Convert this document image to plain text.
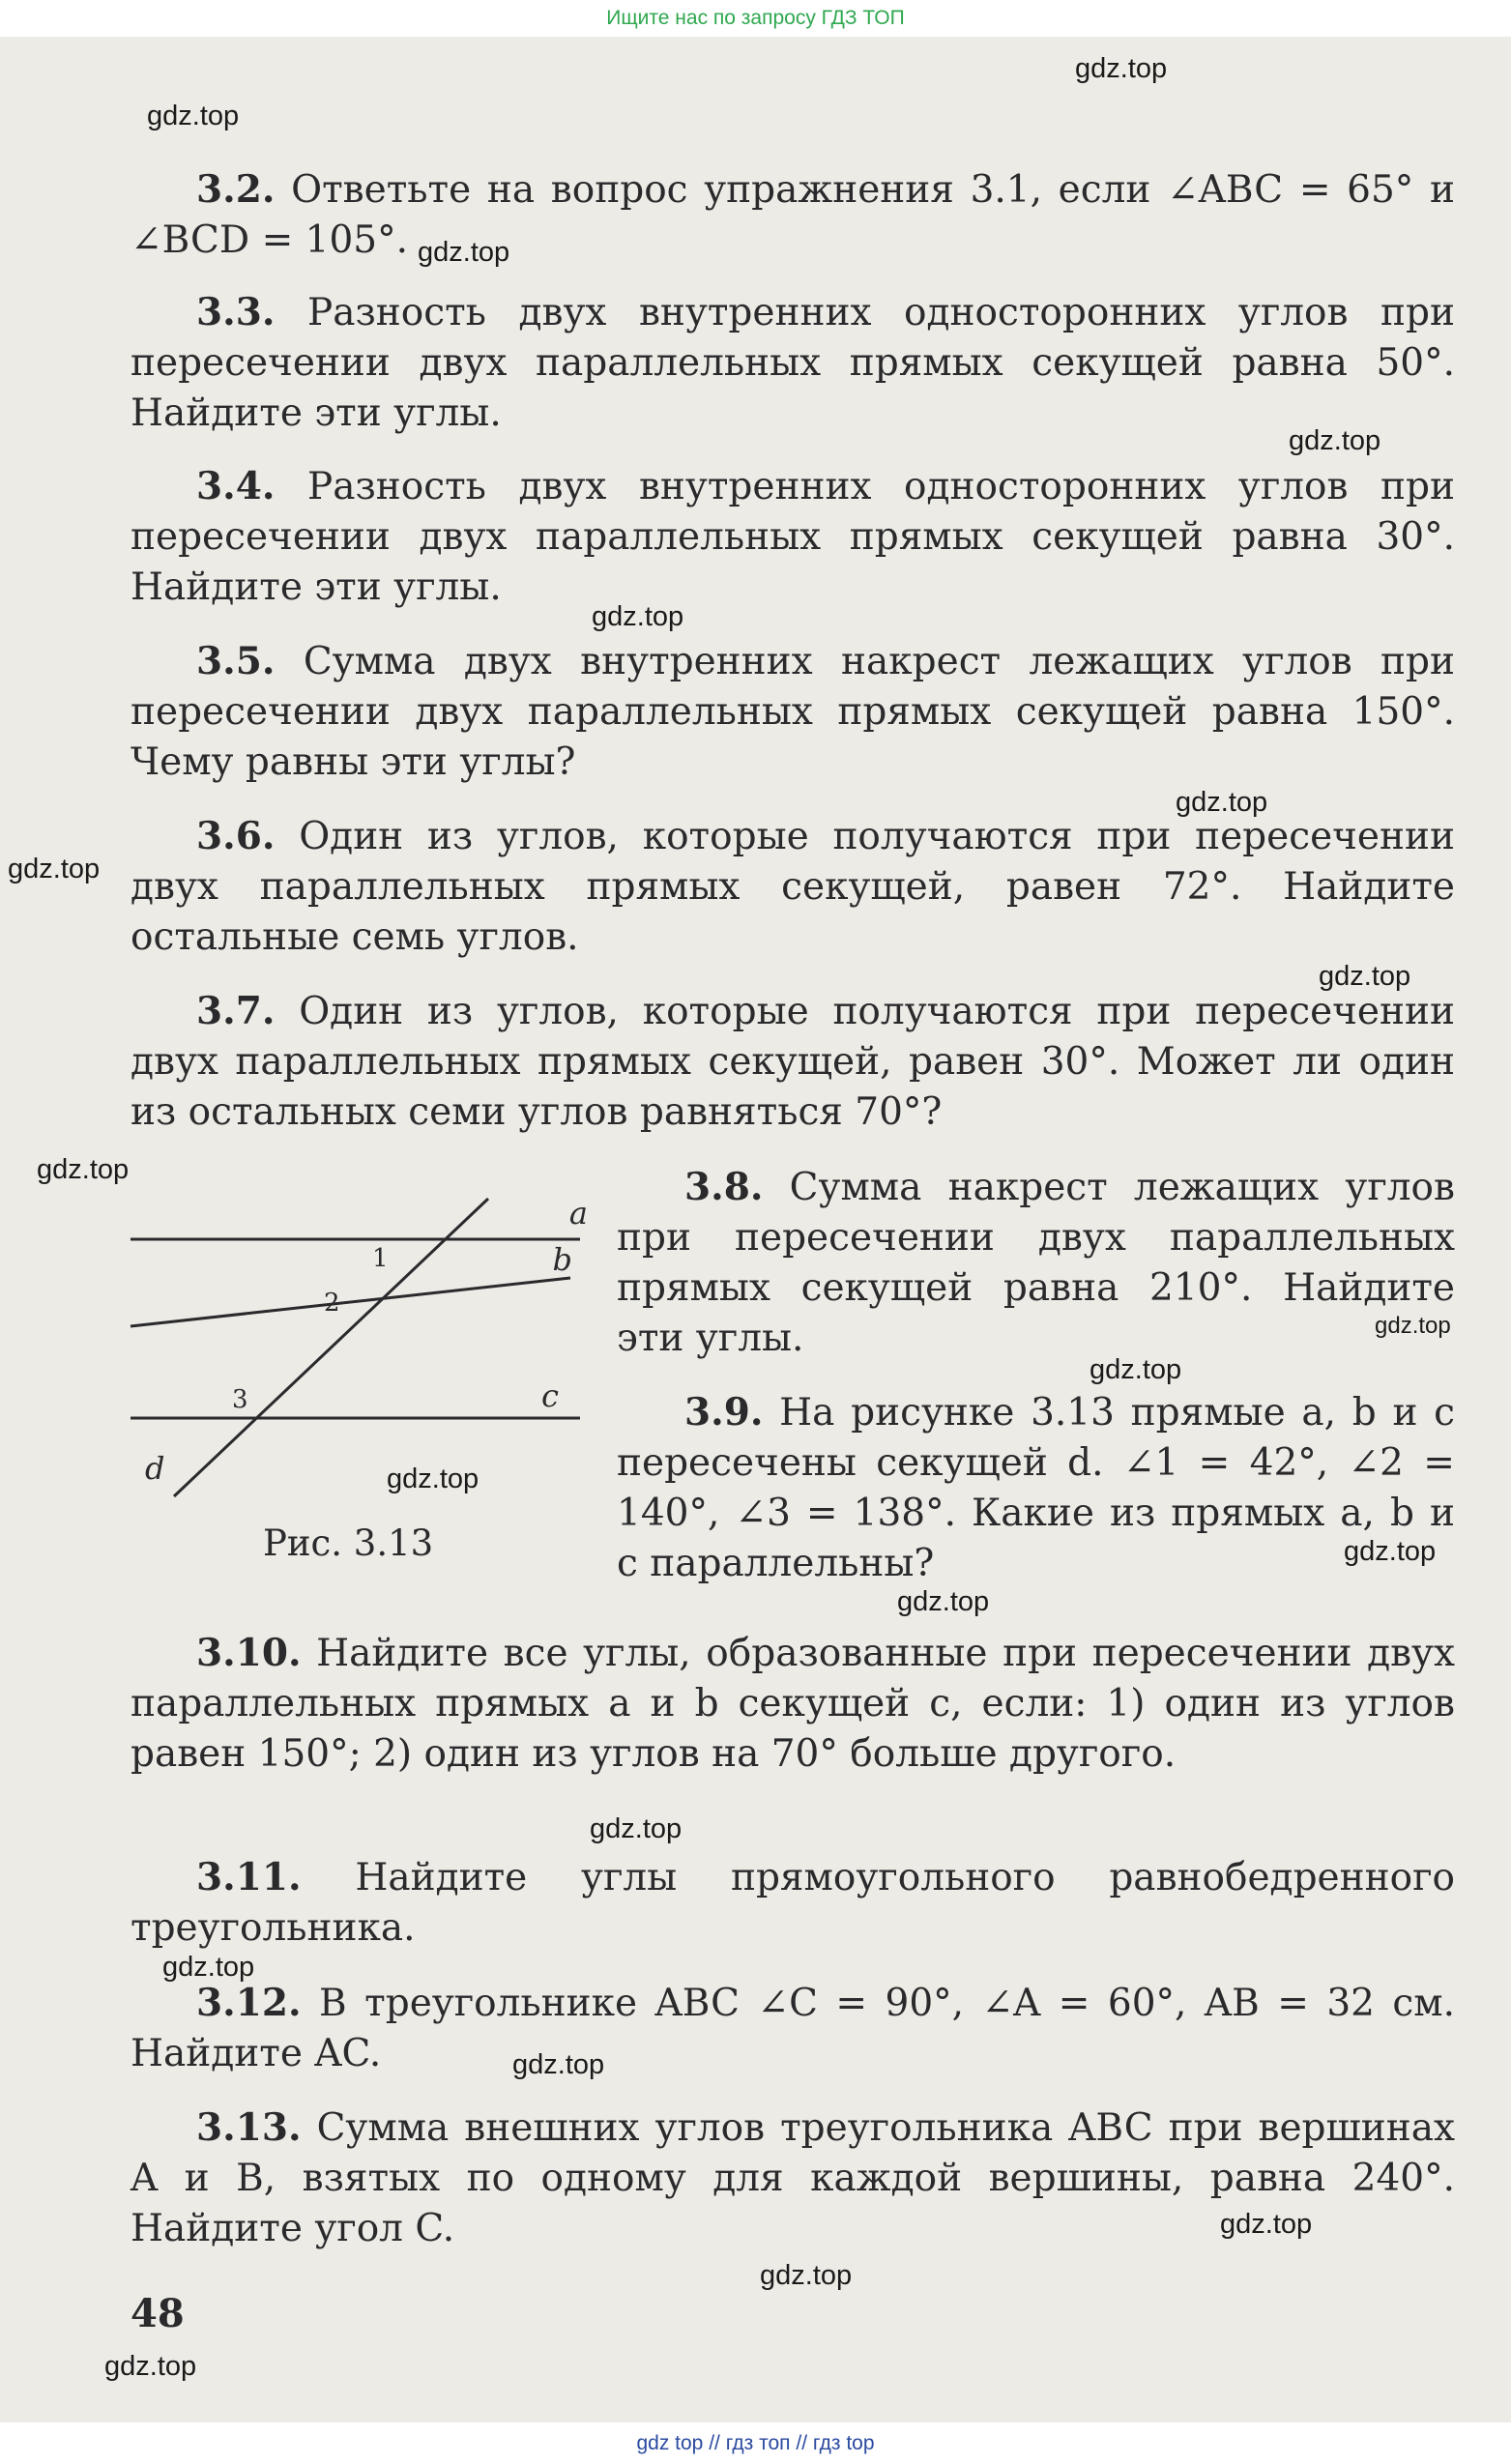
Ищите нас по запросу ГДЗ ТОП
gdz.top
gdz.top
gdz.top
gdz.top
gdz.top
gdz.top
gdz.top
gdz.top
gdz.top
gdz.top
gdz.top
gdz.top
gdz.top
gdz.top
gdz.top
gdz.top
gdz.top
gdz.top
gdz.top
gdz.top

3.2. Ответьте на вопрос упражнения 3.1, если ∠ABC = 65° и ∠BCD = 105°.

3.3. Разность двух внутренних односторонних углов при пересечении двух параллельных прямых секущей равна 50°. Найдите эти углы.

3.4. Разность двух внутренних односторонних углов при пересечении двух параллельных прямых секущей равна 30°. Найдите эти углы.

3.5. Сумма двух внутренних накрест лежащих углов при пересечении двух параллельных прямых секущей равна 150°. Чему равны эти углы?

3.6. Один из углов, которые получаются при пересечении двух параллельных прямых секущей, равен 72°. Найдите остальные семь углов.

3.7. Один из углов, которые получаются при пересечении двух параллельных прямых секущей, равен 30°. Может ли один из остальных семи углов равняться 70°?

3.8. Сумма накрест лежащих углов при пересечении двух параллельных прямых секущей равна 210°. Найдите эти углы.

3.9. На рисунке 3.13 прямые a, b и c пересечены секущей d. ∠1 = 42°, ∠2 = 140°, ∠3 = 138°. Какие из прямых a, b и c параллельны?

3.10. Найдите все углы, образованные при пересечении двух параллельных прямых a и b секущей c, если: 1) один из углов равен 150°; 2) один из углов на 70° больше другого.

3.11. Найдите углы прямоугольного равнобедренного треугольника.

3.12. В треугольнике ABC ∠C = 90°, ∠A = 60°, AB = 32 см. Найдите AC.

3.13. Сумма внешних углов треугольника ABC при вершинах A и B, взятых по одному для каждой вершины, равна 240°. Найдите угол C.

a
b
c
d
1
2
3
Рис. 3.13
48
gdz top // гдз топ // гдз top
